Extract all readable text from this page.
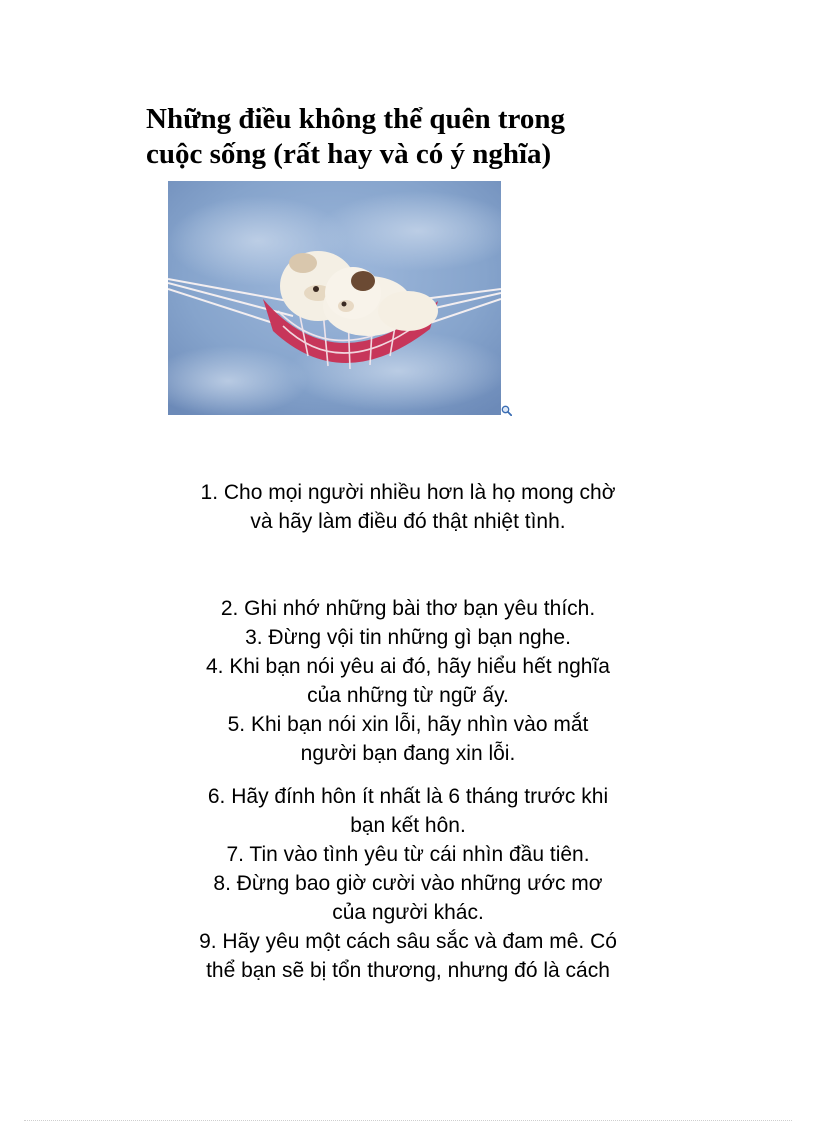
Những điều không thể quên trong
cuộc sống (rất hay và có ý nghĩa)

1. Cho mọi người nhiều hơn là họ mong chờ
và hãy làm điều đó thật nhiệt tình.

2. Ghi nhớ những bài thơ bạn yêu thích.

3. Đừng vội tin những gì bạn nghe.

4. Khi bạn nói yêu ai đó, hãy hiểu hết nghĩa
của những từ ngữ ấy.

5. Khi bạn nói xin lỗi, hãy nhìn vào mắt
người bạn đang xin lỗi.

6. Hãy đính hôn ít nhất là 6 tháng trước khi
bạn kết hôn.

7. Tin vào tình yêu từ cái nhìn đầu tiên.

8. Đừng bao giờ cười vào những ước mơ
của người khác.

9. Hãy yêu một cách sâu sắc và đam mê. Có
thể bạn sẽ bị tổn thương, nhưng đó là cách
